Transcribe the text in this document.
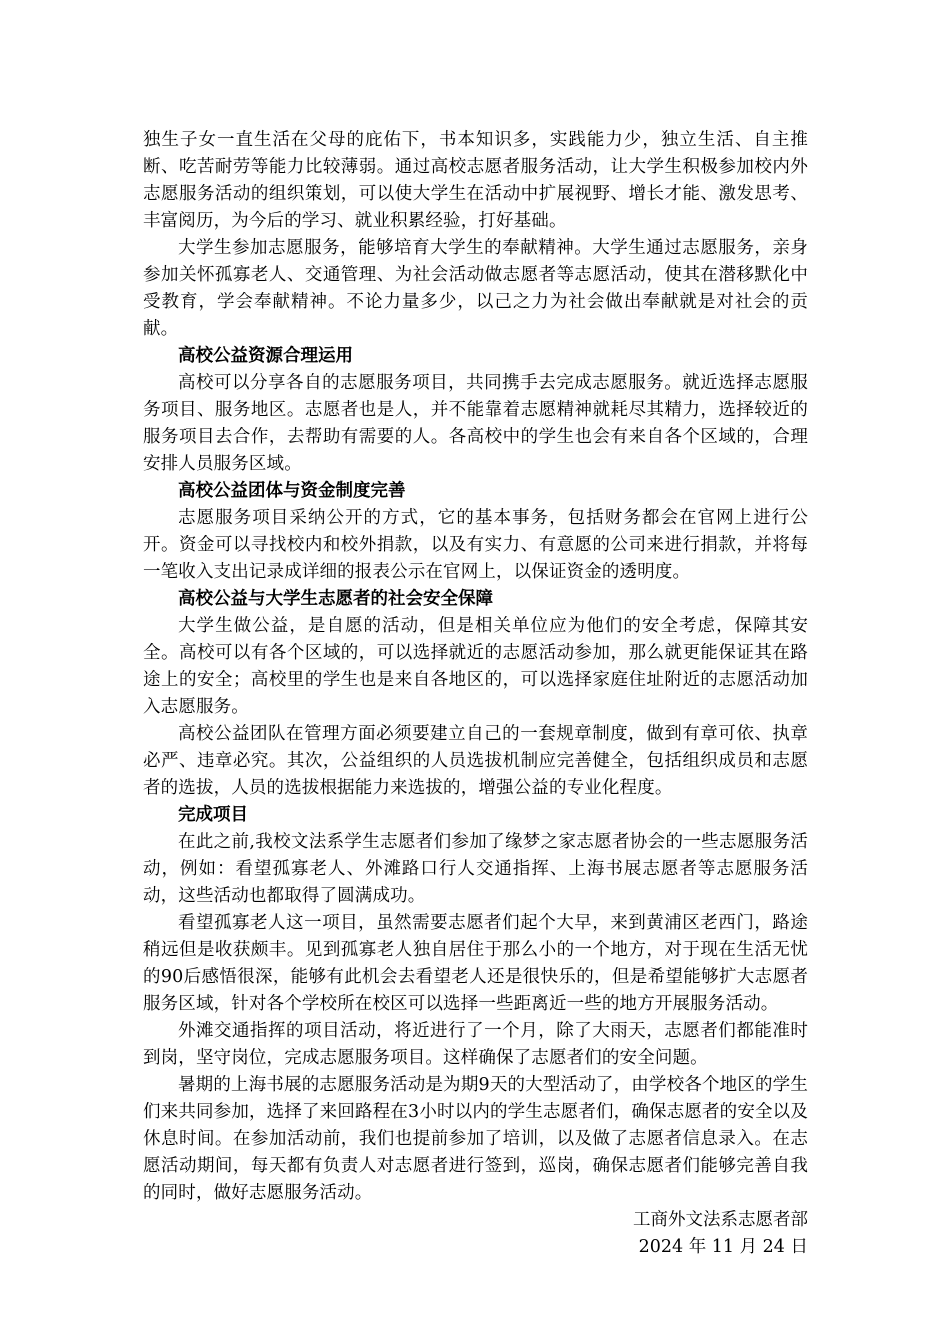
独生子女一直生活在父母的庇佑下，书本知识多，实践能力少，独立生活、自主推断、吃苦耐劳等能力比较薄弱。通过高校志愿者服务活动，让大学生积极参加校内外志愿服务活动的组织策划，可以使大学生在活动中扩展视野、增长才能、激发思考、丰富阅历，为今后的学习、就业积累经验，打好基础。

大学生参加志愿服务，能够培育大学生的奉献精神。大学生通过志愿服务，亲身参加关怀孤寡老人、交通管理、为社会活动做志愿者等志愿活动，使其在潜移默化中受教育，学会奉献精神。不论力量多少，以己之力为社会做出奉献就是对社会的贡献。

高校公益资源合理运用

高校可以分享各自的志愿服务项目，共同携手去完成志愿服务。就近选择志愿服务项目、服务地区。志愿者也是人，并不能靠着志愿精神就耗尽其精力，选择较近的服务项目去合作，去帮助有需要的人。各高校中的学生也会有来自各个区域的，合理安排人员服务区域。

高校公益团体与资金制度完善

志愿服务项目采纳公开的方式，它的基本事务，包括财务都会在官网上进行公开。资金可以寻找校内和校外捐款，以及有实力、有意愿的公司来进行捐款，并将每一笔收入支出记录成详细的报表公示在官网上，以保证资金的透明度。

高校公益与大学生志愿者的社会安全保障

大学生做公益，是自愿的活动，但是相关单位应为他们的安全考虑，保障其安全。高校可以有各个区域的，可以选择就近的志愿活动参加，那么就更能保证其在路途上的安全；高校里的学生也是来自各地区的，可以选择家庭住址附近的志愿活动加入志愿服务。

高校公益团队在管理方面必须要建立自己的一套规章制度，做到有章可依、执章必严、违章必究。其次，公益组织的人员选拔机制应完善健全，包括组织成员和志愿者的选拔，人员的选拔根据能力来选拔的，增强公益的专业化程度。

完成项目

在此之前,我校文法系学生志愿者们参加了缘梦之家志愿者协会的一些志愿服务活动，例如：看望孤寡老人、外滩路口行人交通指挥、上海书展志愿者等志愿服务活动，这些活动也都取得了圆满成功。

看望孤寡老人这一项目，虽然需要志愿者们起个大早，来到黄浦区老西门，路途稍远但是收获颇丰。见到孤寡老人独自居住于那么小的一个地方，对于现在生活无忧的90后感悟很深，能够有此机会去看望老人还是很快乐的，但是希望能够扩大志愿者服务区域，针对各个学校所在校区可以选择一些距离近一些的地方开展服务活动。

外滩交通指挥的项目活动，将近进行了一个月，除了大雨天，志愿者们都能准时到岗，坚守岗位，完成志愿服务项目。这样确保了志愿者们的安全问题。

暑期的上海书展的志愿服务活动是为期9天的大型活动了，由学校各个地区的学生们来共同参加，选择了来回路程在3小时以内的学生志愿者们，确保志愿者的安全以及休息时间。在参加活动前，我们也提前参加了培训，以及做了志愿者信息录入。在志愿活动期间，每天都有负责人对志愿者进行签到，巡岗，确保志愿者们能够完善自我的同时，做好志愿服务活动。

工商外文法系志愿者部

2024 年 11 月 24 日
